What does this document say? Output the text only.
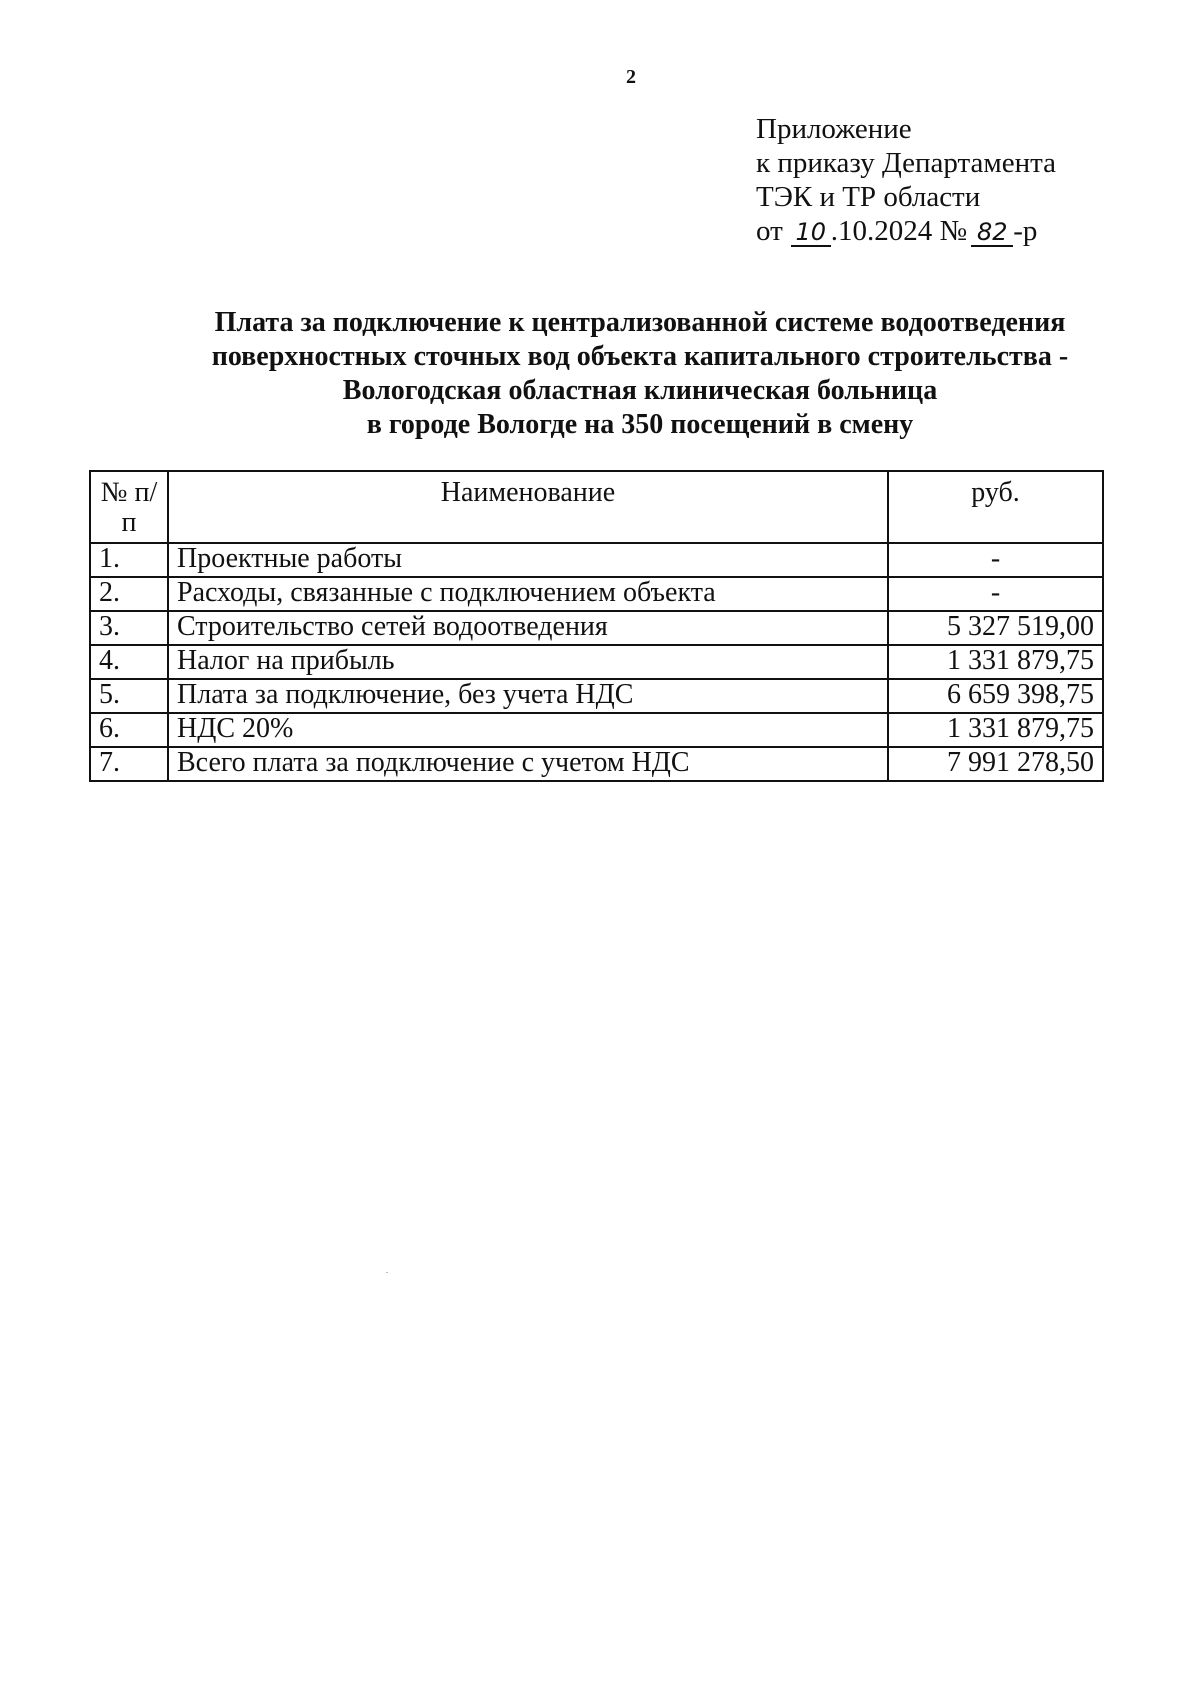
2
Приложение
к приказу Департамента
ТЭК и ТР области
от 10 .10.2024 № 82 -р
Плата за подключение к централизованной системе водоотведения
поверхностных сточных вод объекта капитального строительства -
Вологодская областная клиническая больница
в городе Вологде на 350 посещений в смену
№ п/п	Наименование	руб.
1.	Проектные работы	-
2.	Расходы, связанные с подключением объекта	-
3.	Строительство сетей водоотведения	5 327 519,00
4.	Налог на прибыль	1 331 879,75
5.	Плата за подключение, без учета НДС	6 659 398,75
6.	НДС 20%	1 331 879,75
7.	Всего плата за подключение с учетом НДС	7 991 278,50
